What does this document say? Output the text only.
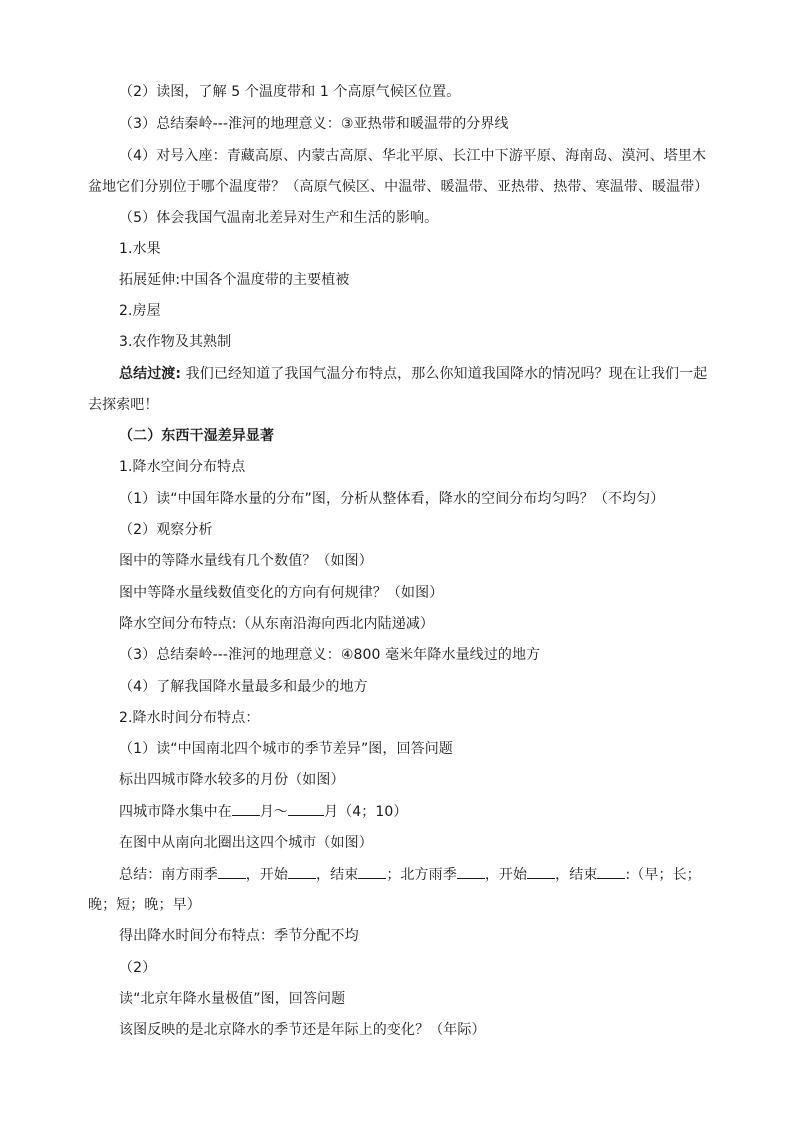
（2）读图，了解 5 个温度带和 1 个高原气候区位置。
（3）总结秦岭---淮河的地理意义：③亚热带和暖温带的分界线
（4）对号入座：青藏高原、内蒙古高原、华北平原、长江中下游平原、海南岛、漠河、塔里木
盆地它们分别位于哪个温度带？（高原气候区、中温带、暖温带、亚热带、热带、寒温带、暖温带）
（5）体会我国气温南北差异对生产和生活的影响。
1.水果
拓展延伸:中国各个温度带的主要植被
2.房屋
3.农作物及其熟制
总结过渡: 我们已经知道了我国气温分布特点，那么你知道我国降水的情况吗？现在让我们一起
去探索吧！
（二）东西干湿差异显著
1.降水空间分布特点
（1）读“中国年降水量的分布”图，分析从整体看，降水的空间分布均匀吗？（不均匀）
（2）观察分析
图中的等降水量线有几个数值？（如图）
图中等降水量线数值变化的方向有何规律？（如图）
降水空间分布特点:（从东南沿海向西北内陆递减）
（3）总结秦岭---淮河的地理意义：④800 毫米年降水量线过的地方
（4）了解我国降水量最多和最少的地方
2.降水时间分布特点：
（1）读“中国南北四个城市的季节差异”图，回答问题
标出四城市降水较多的月份（如图）
四城市降水集中在 月～	月（4；10）
在图中从南向北圈出这四个城市（如图）
总结：南方雨季 ，开始 ，结束 ；北方雨季 ，开始 ，结束 :（早；长；
晚；短；晚；早）
得出降水时间分布特点：季节分配不均
（2）
读“北京年降水量极值”图，回答问题
该图反映的是北京降水的季节还是年际上的变化？（年际）
